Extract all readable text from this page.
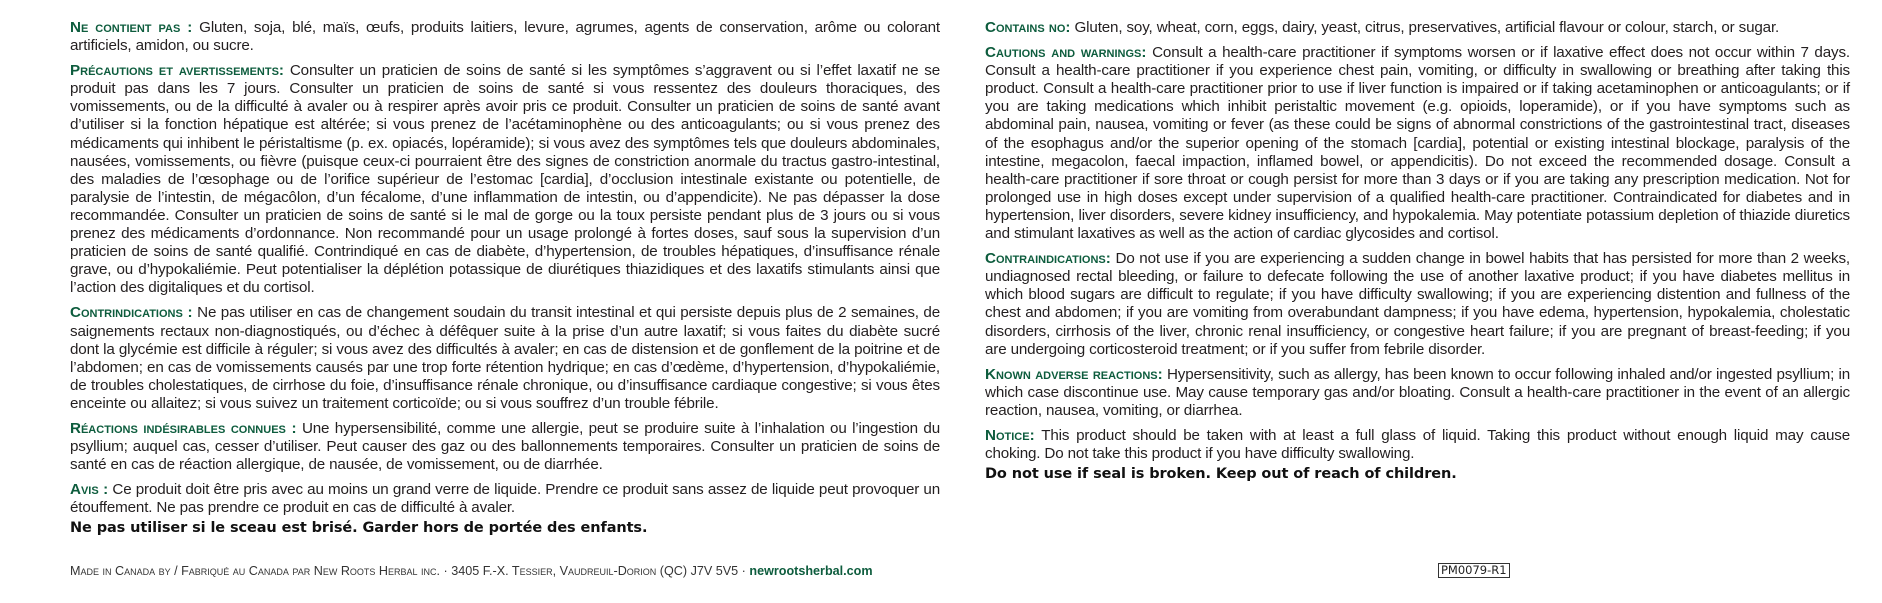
Ne contient pas : Gluten, soja, blé, maïs, œufs, produits laitiers, levure, agrumes, agents de conservation, arôme ou colorant artificiels, amidon, ou sucre.

Précautions et avertissements: Consulter un praticien de soins de santé si les symptômes s’aggravent ou si l’effet laxatif ne se produit pas dans les 7 jours. Consulter un praticien de soins de santé si vous ressentez des douleurs thoraciques, des vomissements, ou de la difficulté à avaler ou à respirer après avoir pris ce produit. Consulter un praticien de soins de santé avant d’utiliser si la fonction hépatique est altérée; si vous prenez de l’acétaminophène ou des anticoagulants; ou si vous prenez des médicaments qui inhibent le péristaltisme (p. ex. opiacés, lopéramide); si vous avez des symptômes tels que douleurs abdominales, nausées, vomissements, ou fièvre (puisque ceux-ci pourraient être des signes de constriction anormale du tractus gastro-intestinal, des maladies de l’œsophage ou de l’orifice supérieur de l’estomac [cardia], d’occlusion intestinale existante ou potentielle, de paralysie de l’intestin, de mégacôlon, d’un fécalome, d’une inflammation de intestin, ou d’appendicite). Ne pas dépasser la dose recommandée. Consulter un praticien de soins de santé si le mal de gorge ou la toux persiste pendant plus de 3 jours ou si vous prenez des médicaments d’ordonnance. Non recommandé pour un usage prolongé à fortes doses, sauf sous la supervision d’un praticien de soins de santé qualifié. Contrindiqué en cas de diabète, d’hypertension, de troubles hépatiques, d’insuffisance rénale grave, ou d’hypokaliémie. Peut potentialiser la déplétion potassique de diurétiques thiazidiques et des laxatifs stimulants ainsi que l’action des digitaliques et du cortisol.

Contrindications : Ne pas utiliser en cas de changement soudain du transit intestinal et qui persiste depuis plus de 2 semaines, de saignements rectaux non-diagnostiqués, ou d’échec à défêquer suite à la prise d’un autre laxatif; si vous faites du diabète sucré dont la glycémie est difficile à réguler; si vous avez des difficultés à avaler; en cas de distension et de gonflement de la poitrine et de l’abdomen; en cas de vomissements causés par une trop forte rétention hydrique; en cas d’œdème, d’hypertension, d’hypokaliémie, de troubles cholestatiques, de cirrhose du foie, d’insuffisance rénale chronique, ou d’insuffisance cardiaque congestive; si vous êtes enceinte ou allaitez; si vous suivez un traitement corticoïde; ou si vous souffrez d’un trouble fébrile.

Réactions indésirables connues : Une hypersensibilité, comme une allergie, peut se produire suite à l’inhalation ou l’ingestion du psyllium; auquel cas, cesser d’utiliser. Peut causer des gaz ou des ballonnements temporaires. Consulter un praticien de soins de santé en cas de réaction allergique, de nausée, de vomissement, ou de diarrhée.

Avis : Ce produit doit être pris avec au moins un grand verre de liquide. Prendre ce produit sans assez de liquide peut provoquer un étouffement. Ne pas prendre ce produit en cas de difficulté à avaler.

Ne pas utiliser si le sceau est brisé. Garder hors de portée des enfants.

Contains no: Gluten, soy, wheat, corn, eggs, dairy, yeast, citrus, preservatives, artificial flavour or colour, starch, or sugar.

Cautions and warnings: Consult a health-care practitioner if symptoms worsen or if laxative effect does not occur within 7 days. Consult a health-care practitioner if you experience chest pain, vomiting, or difficulty in swallowing or breathing after taking this product. Consult a health-care practitioner prior to use if liver function is impaired or if taking acetaminophen or anticoagulants; or if you are taking medications which inhibit peristaltic movement (e.g. opioids, loperamide), or if you have symptoms such as abdominal pain, nausea, vomiting or fever (as these could be signs of abnormal constrictions of the gastrointestinal tract, diseases of the esophagus and/or the superior opening of the stomach [cardia], potential or existing intestinal blockage, paralysis of the intestine, megacolon, faecal impaction, inflamed bowel, or appendicitis). Do not exceed the recommended dosage. Consult a health-care practitioner if sore throat or cough persist for more than 3 days or if you are taking any prescription medication. Not for prolonged use in high doses except under supervision of a qualified health-care practitioner. Contraindicated for diabetes and in hypertension, liver disorders, severe kidney insufficiency, and hypokalemia. May potentiate potassium depletion of thiazide diuretics and stimulant laxatives as well as the action of cardiac glycosides and cortisol.

Contraindications: Do not use if you are experiencing a sudden change in bowel habits that has persisted for more than 2 weeks, undiagnosed rectal bleeding, or failure to defecate following the use of another laxative product; if you have diabetes mellitus in which blood sugars are difficult to regulate; if you have difficulty swallowing; if you are experiencing distention and fullness of the chest and abdomen; if you are vomiting from overabundant dampness; if you have edema, hypertension, hypokalemia, cholestatic disorders, cirrhosis of the liver, chronic renal insufficiency, or congestive heart failure; if you are pregnant of breast-feeding; if you are undergoing corticosteroid treatment; or if you suffer from febrile disorder.

Known adverse reactions: Hypersensitivity, such as allergy, has been known to occur following inhaled and/or ingested psyllium; in which case discontinue use. May cause temporary gas and/or bloating. Consult a health-care practitioner in the event of an allergic reaction, nausea, vomiting, or diarrhea.

Notice: This product should be taken with at least a full glass of liquid. Taking this product without enough liquid may cause choking. Do not take this product if you have difficulty swallowing.

Do not use if seal is broken. Keep out of reach of children.

Made in Canada by / Fabriqué au Canada par New Roots Herbal inc. · 3405 F.-X. Tessier, Vaudreuil-Dorion (QC) J7V 5V5 · newrootsherbal.com	PM0079-R1
